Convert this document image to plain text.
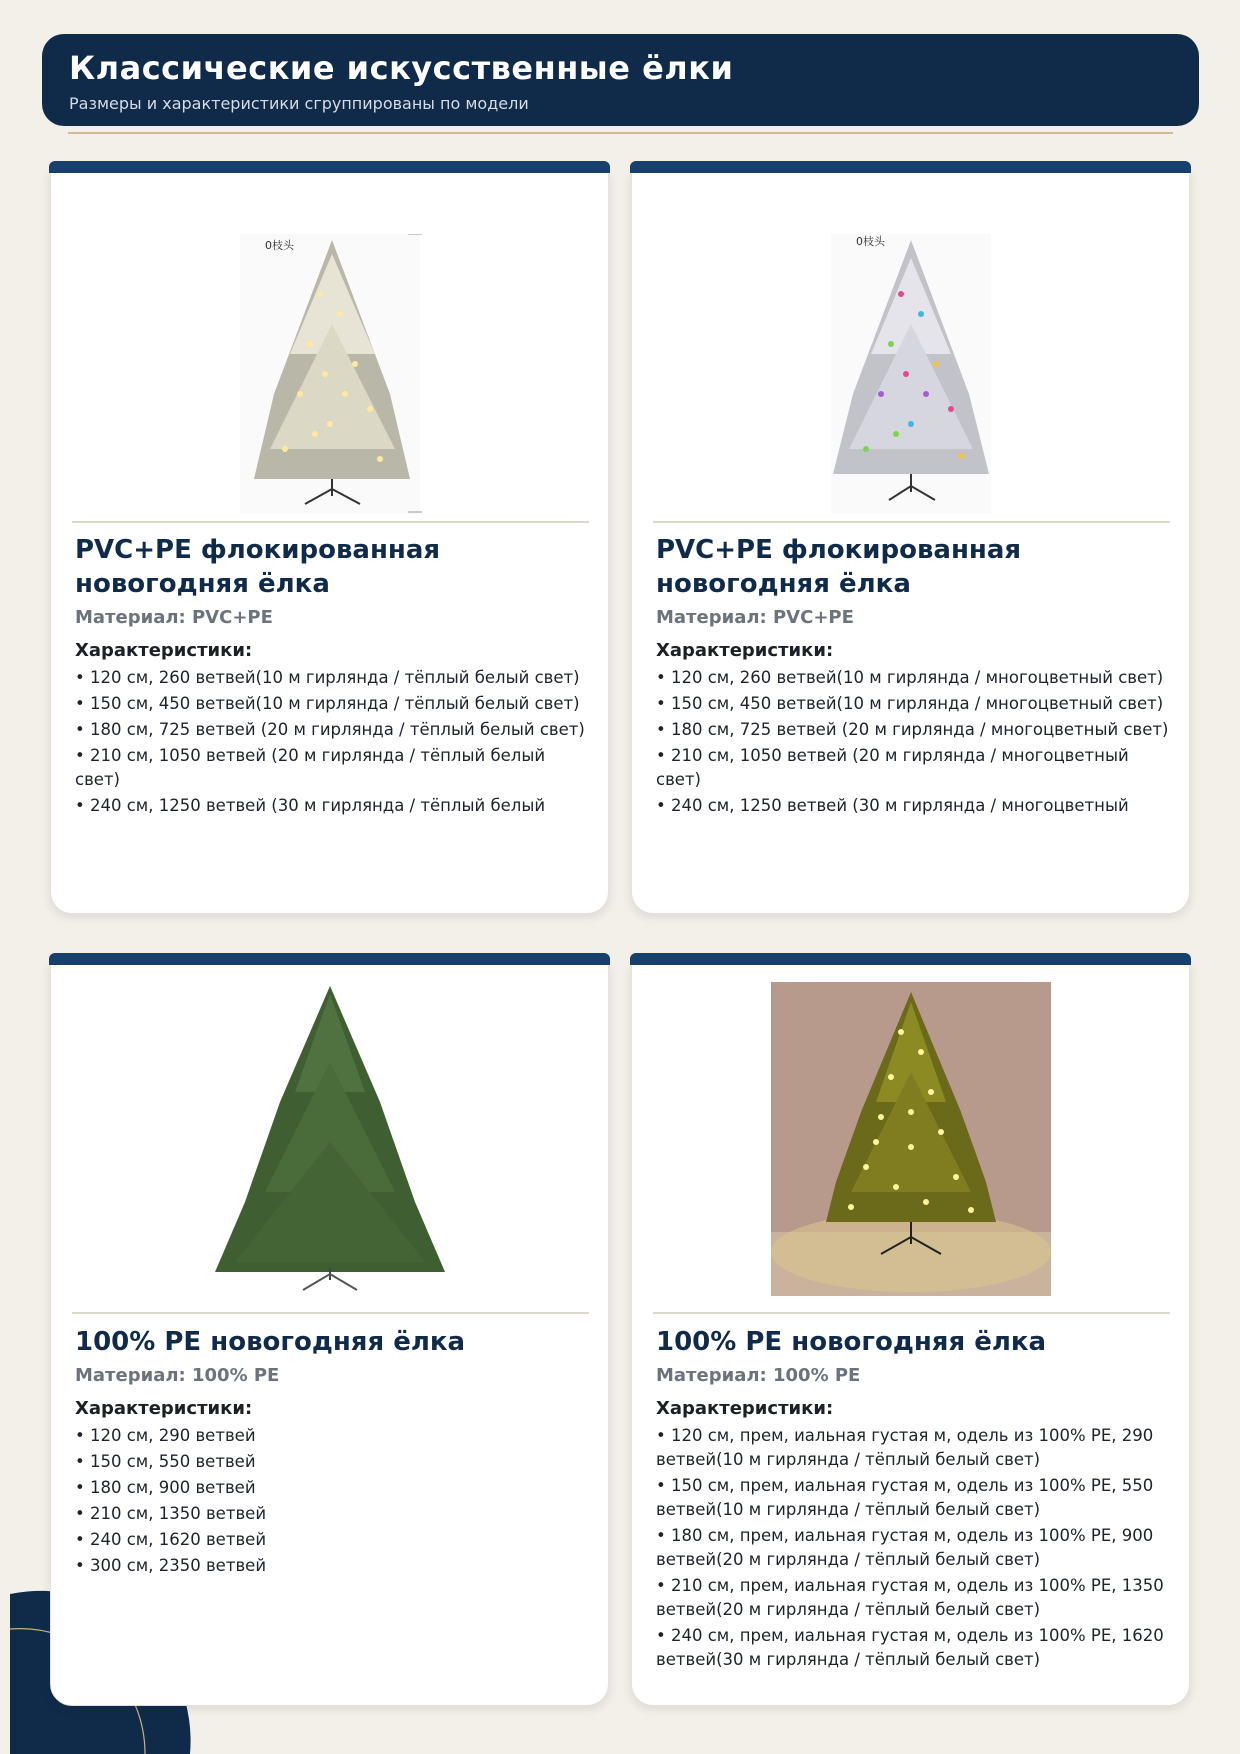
Классические искусственные ёлки
Размеры и характеристики сгруппированы по модели
0枝头
PVC+PE флокированная новогодняя ёлка
Материал: PVC+PE
Характеристики:
• 120 см, 260 ветвей(10 м гирлянда / тёплый белый свет)
• 150 см, 450 ветвей(10 м гирлянда / тёплый белый свет)
• 180 см, 725 ветвей (20 м гирлянда / тёплый белый свет)
• 210 см, 1050 ветвей (20 м гирлянда / тёплый белый свет)
• 240 см, 1250 ветвей (30 м гирлянда / тёплый белый
0枝头
PVC+PE флокированная новогодняя ёлка
Материал: PVC+PE
Характеристики:
• 120 см, 260 ветвей(10 м гирлянда / многоцветный свет)
• 150 см, 450 ветвей(10 м гирлянда / многоцветный свет)
• 180 см, 725 ветвей (20 м гирлянда / многоцветный свет)
• 210 см, 1050 ветвей (20 м гирлянда / многоцветный свет)
• 240 см, 1250 ветвей (30 м гирлянда / многоцветный
100% PE новогодняя ёлка
Материал: 100% PE
Характеристики:
• 120 см, 290 ветвей
• 150 см, 550 ветвей
• 180 см, 900 ветвей
• 210 см, 1350 ветвей
• 240 см, 1620 ветвей
• 300 см, 2350 ветвей
100% PE новогодняя ёлка
Материал: 100% PE
Характеристики:
• 120 см, прем, иальная густая м, одель из 100% PE, 290 ветвей(10 м гирлянда / тёплый белый свет)
• 150 см, прем, иальная густая м, одель из 100% PE, 550 ветвей(10 м гирлянда / тёплый белый свет)
• 180 см, прем, иальная густая м, одель из 100% PE, 900 ветвей(20 м гирлянда / тёплый белый свет)
• 210 см, прем, иальная густая м, одель из 100% PE, 1350 ветвей(20 м гирлянда / тёплый белый свет)
• 240 см, прем, иальная густая м, одель из 100% PE, 1620 ветвей(30 м гирлянда / тёплый белый свет)
